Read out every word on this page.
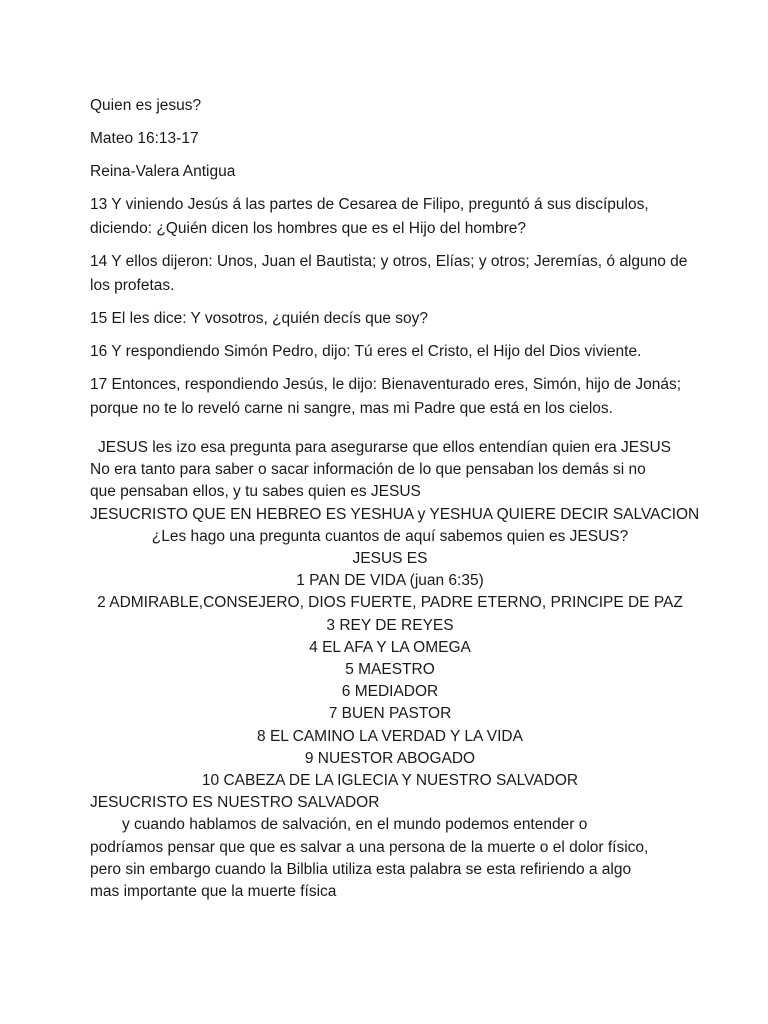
Quien es jesus?

Mateo 16:13-17

Reina-Valera Antigua

13 Y viniendo Jesús á las partes de Cesarea de Filipo, preguntó á sus discípulos, diciendo: ¿Quién dicen los hombres que es el Hijo del hombre?

14 Y ellos dijeron: Unos, Juan el Bautista; y otros, Elías; y otros; Jeremías, ó alguno de los profetas.

15 El les dice: Y vosotros, ¿quién decís que soy?

16 Y respondiendo Simón Pedro, dijo: Tú eres el Cristo, el Hijo del Dios viviente.

17 Entonces, respondiendo Jesús, le dijo: Bienaventurado eres, Simón, hijo de Jonás; porque no te lo reveló carne ni sangre, mas mi Padre que está en los cielos.

JESUS les izo esa pregunta para asegurarse que ellos entendían quien era JESUS
No era tanto para saber o sacar información de lo que pensaban los demás si no
que pensaban ellos, y tu sabes quien es JESUS
JESUCRISTO QUE EN HEBREO ES YESHUA y YESHUA QUIERE DECIR SALVACION
¿Les hago una pregunta cuantos de aquí sabemos quien es JESUS?
JESUS ES
1 PAN DE VIDA (juan 6:35)
2 ADMIRABLE,CONSEJERO, DIOS FUERTE, PADRE ETERNO, PRINCIPE DE PAZ
3 REY DE REYES
4 EL AFA Y LA OMEGA
5 MAESTRO
6 MEDIADOR
7 BUEN PASTOR
8 EL CAMINO LA VERDAD Y LA VIDA
9 NUESTOR ABOGADO
10 CABEZA DE LA IGLECIA Y NUESTRO SALVADOR
JESUCRISTO ES NUESTRO SALVADOR
y cuando hablamos de salvación, en el mundo podemos entender o
podríamos pensar que que es salvar a una persona de la muerte o el dolor físico,
pero sin embargo cuando la Bilblia utiliza esta palabra se esta refiriendo a algo
mas importante que la muerte física
